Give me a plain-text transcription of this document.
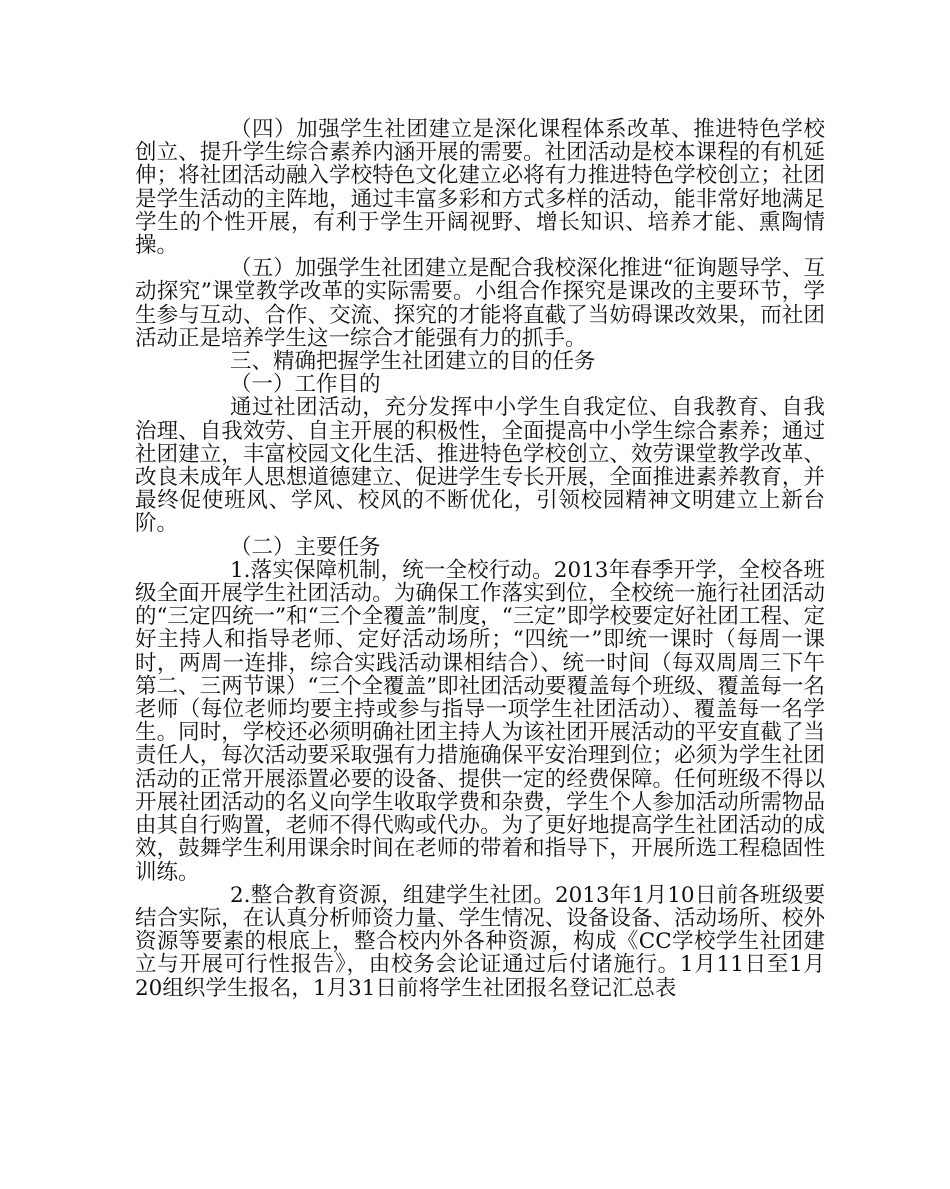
（四）加强学生社团建立是深化课程体系改革、推进特色学校创立、提升学生综合素养内涵开展的需要。社团活动是校本课程的有机延伸；将社团活动融入学校特色文化建立必将有力推进特色学校创立；社团是学生活动的主阵地，通过丰富多彩和方式多样的活动，能非常好地满足学生的个性开展，有利于学生开阔视野、增长知识、培养才能、熏陶情操。

（五）加强学生社团建立是配合我校深化推进“征询题导学、互动探究”课堂教学改革的实际需要。小组合作探究是课改的主要环节，学生参与互动、合作、交流、探究的才能将直截了当妨碍课改效果，而社团活动正是培养学生这一综合才能强有力的抓手。

三、精确把握学生社团建立的目的任务

（一）工作目的

通过社团活动，充分发挥中小学生自我定位、自我教育、自我治理、自我效劳、自主开展的积极性，全面提高中小学生综合素养；通过社团建立，丰富校园文化生活、推进特色学校创立、效劳课堂教学改革、改良未成年人思想道德建立、促进学生专长开展，全面推进素养教育，并最终促使班风、学风、校风的不断优化，引领校园精神文明建立上新台阶。

（二）主要任务

1.落实保障机制，统一全校行动。2013年春季开学，全校各班级全面开展学生社团活动。为确保工作落实到位，全校统一施行社团活动的“三定四统一”和“三个全覆盖”制度，“三定”即学校要定好社团工程、定好主持人和指导老师、定好活动场所；“四统一”即统一课时（每周一课时，两周一连排，综合实践活动课相结合）、统一时间（每双周周三下午第二、三两节课）“三个全覆盖”即社团活动要覆盖每个班级、覆盖每一名老师（每位老师均要主持或参与指导一项学生社团活动）、覆盖每一名学生。同时，学校还必须明确社团主持人为该社团开展活动的平安直截了当责任人，每次活动要采取强有力措施确保平安治理到位；必须为学生社团活动的正常开展添置必要的设备、提供一定的经费保障。任何班级不得以开展社团活动的名义向学生收取学费和杂费，学生个人参加活动所需物品由其自行购置，老师不得代购或代办。为了更好地提高学生社团活动的成效，鼓舞学生利用课余时间在老师的带着和指导下，开展所选工程稳固性训练。

2.整合教育资源，组建学生社团。2013年1月10日前各班级要结合实际，在认真分析师资力量、学生情况、设备设备、活动场所、校外资源等要素的根底上，整合校内外各种资源，构成《CC学校学生社团建立与开展可行性报告》，由校务会论证通过后付诸施行。1月11日至1月20组织学生报名，1月31日前将学生社团报名登记汇总表
